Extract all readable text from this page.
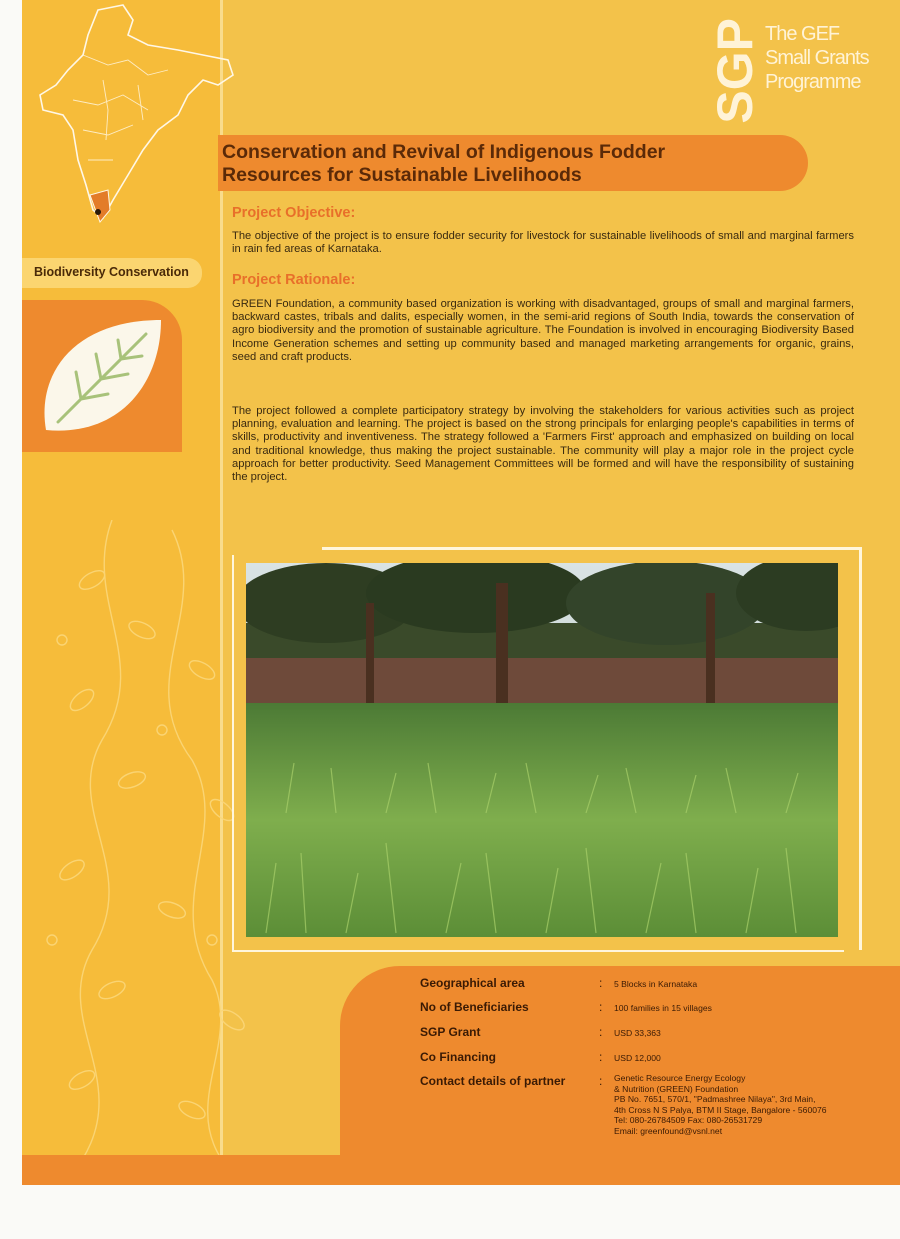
SGP The GEF
Small Grants
Programme
Conservation and Revival of Indigenous Fodder
Resources for Sustainable Livelihoods
Biodiversity Conservation
Project Objective:
The objective of the project is to ensure fodder security for livestock for sustainable livelihoods of small and marginal farmers in rain fed areas of Karnataka.
Project Rationale:
GREEN Foundation, a community based organization is working with disadvantaged, groups of small and marginal farmers, backward castes, tribals and dalits, especially women, in the semi-arid regions of South India, towards the conservation of agro biodiversity and the promotion of sustainable agriculture. The Foundation is involved in encouraging Biodiversity Based Income Generation schemes and setting up community based and managed marketing arrangements for organic, grains, seed and craft products.
The project followed a complete participatory strategy by involving the stakeholders for various activities such as project planning, evaluation and learning. The project is based on the strong principals for enlarging people's capabilities in terms of skills, productivity and inventiveness. The strategy followed a 'Farmers First' approach and emphasized on building on local and traditional knowledge, thus making the project sustainable. The community will play a major role in the project cycle approach for better productivity. Seed Management Committees will be formed and will have the responsibility of sustaining the project.
Geographical area	: 5 Blocks in Karnataka
No of Beneficiaries	: 100 families in 15 villages
SGP Grant	: USD 33,363
Co Financing	: USD 12,000
Contact details of partner	: Genetic Resource Energy Ecology
& Nutrition (GREEN) Foundation
PB No. 7651, 570/1, "Padmashree Nilaya", 3rd Main,
4th Cross N S Palya, BTM II Stage, Bangalore - 560076
Tel: 080-26784509 Fax: 080-26531729
Email: greenfound@vsnl.net
